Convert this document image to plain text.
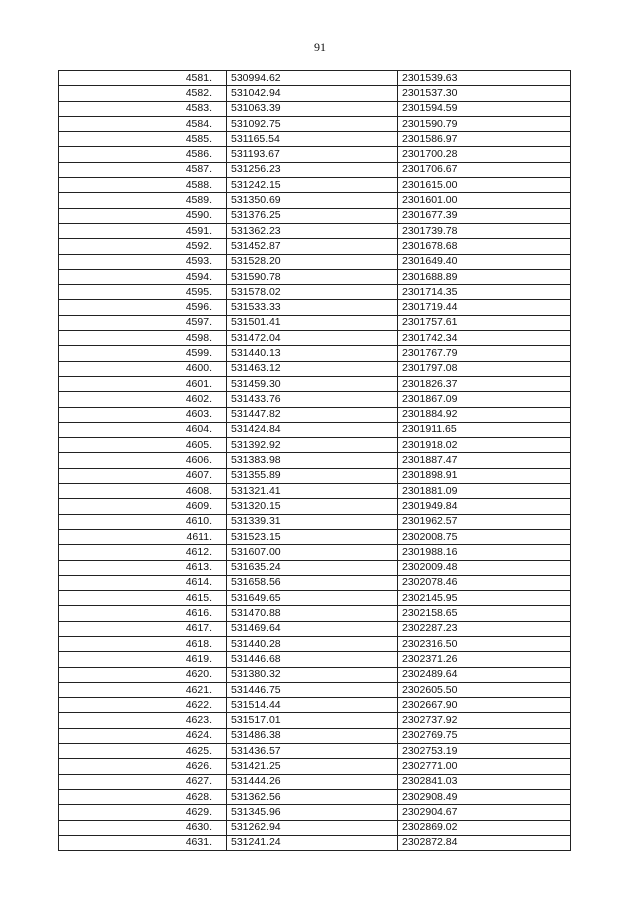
91
4581.	530994.62	2301539.63
4582.	531042.94	2301537.30
4583.	531063.39	2301594.59
4584.	531092.75	2301590.79
4585.	531165.54	2301586.97
4586.	531193.67	2301700.28
4587.	531256.23	2301706.67
4588.	531242.15	2301615.00
4589.	531350.69	2301601.00
4590.	531376.25	2301677.39
4591.	531362.23	2301739.78
4592.	531452.87	2301678.68
4593.	531528.20	2301649.40
4594.	531590.78	2301688.89
4595.	531578.02	2301714.35
4596.	531533.33	2301719.44
4597.	531501.41	2301757.61
4598.	531472.04	2301742.34
4599.	531440.13	2301767.79
4600.	531463.12	2301797.08
4601.	531459.30	2301826.37
4602.	531433.76	2301867.09
4603.	531447.82	2301884.92
4604.	531424.84	2301911.65
4605.	531392.92	2301918.02
4606.	531383.98	2301887.47
4607.	531355.89	2301898.91
4608.	531321.41	2301881.09
4609.	531320.15	2301949.84
4610.	531339.31	2301962.57
4611.	531523.15	2302008.75
4612.	531607.00	2301988.16
4613.	531635.24	2302009.48
4614.	531658.56	2302078.46
4615.	531649.65	2302145.95
4616.	531470.88	2302158.65
4617.	531469.64	2302287.23
4618.	531440.28	2302316.50
4619.	531446.68	2302371.26
4620.	531380.32	2302489.64
4621.	531446.75	2302605.50
4622.	531514.44	2302667.90
4623.	531517.01	2302737.92
4624.	531486.38	2302769.75
4625.	531436.57	2302753.19
4626.	531421.25	2302771.00
4627.	531444.26	2302841.03
4628.	531362.56	2302908.49
4629.	531345.96	2302904.67
4630.	531262.94	2302869.02
4631.	531241.24	2302872.84
